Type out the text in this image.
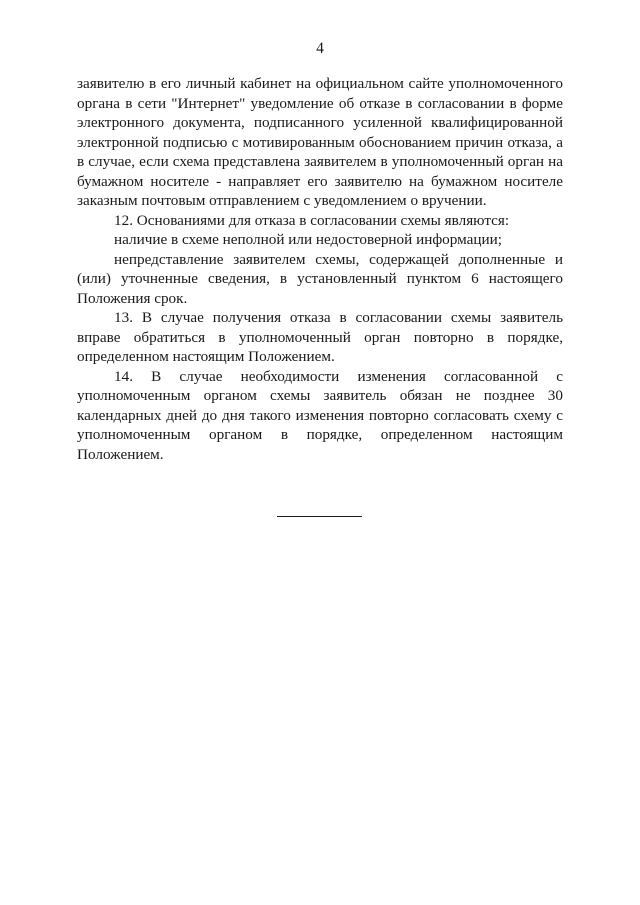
4

заявителю в его личный кабинет на официальном сайте уполномоченного органа в сети "Интернет" уведомление об отказе в согласовании в форме электронного документа, подписанного усиленной квалифицированной электронной подписью с мотивированным обоснованием причин отказа, а в случае, если схема представлена заявителем в уполномоченный орган на бумажном носителе - направляет его заявителю на бумажном носителе заказным почтовым отправлением с уведомлением о вручении.

12. Основаниями для отказа в согласовании схемы являются:

наличие в схеме неполной или недостоверной информации;

непредставление заявителем схемы, содержащей дополненные и (или) уточненные сведения, в установленный пунктом 6 настоящего Положения срок.

13. В случае получения отказа в согласовании схемы заявитель вправе обратиться в уполномоченный орган повторно в порядке, определенном настоящим Положением.

14. В случае необходимости изменения согласованной с уполномоченным органом схемы заявитель обязан не позднее 30 календарных дней до дня такого изменения повторно согласовать схему с уполномоченным органом в порядке, определенном настоящим Положением.
